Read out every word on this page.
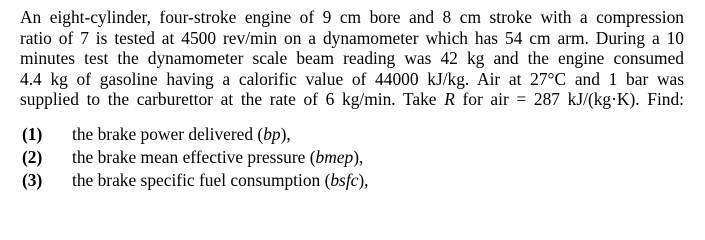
An eight-cylinder, four-stroke engine of 9 cm bore and 8 cm stroke with a compression
ratio of 7 is tested at 4500 rev/min on a dynamometer which has 54 cm arm. During a 10
minutes test the dynamometer scale beam reading was 42 kg and the engine consumed
4.4 kg of gasoline having a calorific value of 44000 kJ/kg. Air at 27°C and 1 bar was
supplied to the carburettor at the rate of 6 kg/min. Take R for air = 287 kJ/(kg·K). Find:

(1)	the brake power delivered (bp),
(2)	the brake mean effective pressure (bmep),
(3)	the brake specific fuel consumption (bsfc),
